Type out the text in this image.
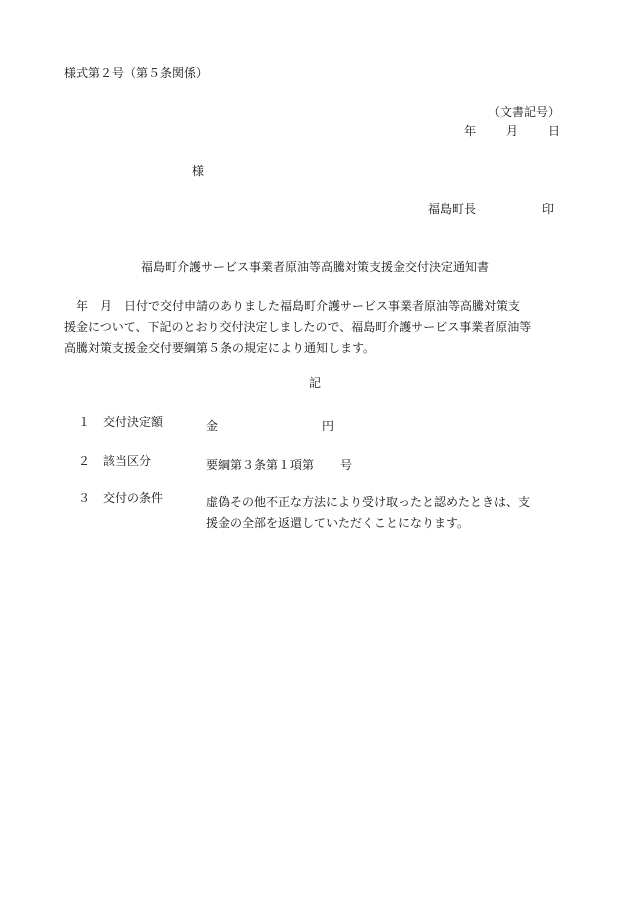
様式第２号（第５条関係）
（文書記号）
年	月	日
様
福島町長	印
福島町介護サービス事業者原油等高騰対策支援金交付決定通知書

　年　月　日付で交付申請のありました福島町介護サービス事業者原油等高騰対策支

援金について、下記のとおり交付決定しましたので、福島町介護サービス事業者原油等

高騰対策支援金交付要綱第５条の規定により通知します。

記
１ 交付決定額	金	円
２ 該当区分	要綱第３条第１項第 号
３ 交付の条件	虚偽その他不正な方法により受け取ったと認めたときは、支
援金の全部を返還していただくことになります。
